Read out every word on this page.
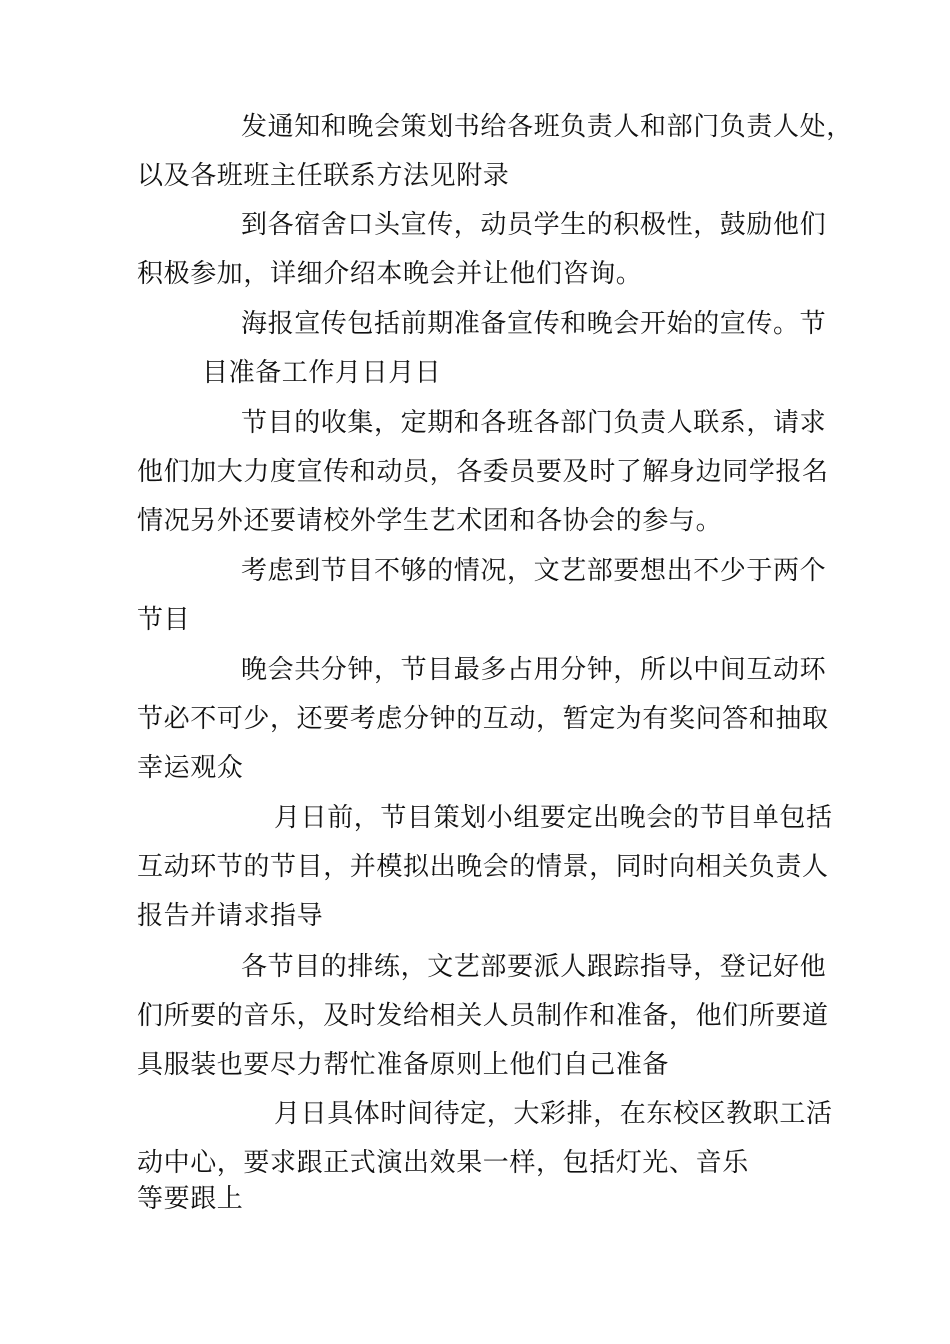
发通知和晚会策划书给各班负责人和部门负责人处，
以及各班班主任联系方法见附录
到各宿舍口头宣传，动员学生的积极性，鼓励他们
积极参加，详细介绍本晚会并让他们咨询。
海报宣传包括前期准备宣传和晚会开始的宣传。节
目准备工作月日月日
节目的收集，定期和各班各部门负责人联系，请求
他们加大力度宣传和动员，各委员要及时了解身边同学报名
情况另外还要请校外学生艺术团和各协会的参与。
考虑到节目不够的情况，文艺部要想出不少于两个
节目
晚会共分钟，节目最多占用分钟，所以中间互动环
节必不可少，还要考虑分钟的互动，暂定为有奖问答和抽取
幸运观众
月日前，节目策划小组要定出晚会的节目单包括
互动环节的节目，并模拟出晚会的情景，同时向相关负责人
报告并请求指导
各节目的排练，文艺部要派人跟踪指导，登记好他
们所要的音乐，及时发给相关人员制作和准备，他们所要道
具服装也要尽力帮忙准备原则上他们自己准备
月日具体时间待定，大彩排，在东校区教职工活
动中心，要求跟正式演出效果一样，包括灯光、音乐
等要跟上
